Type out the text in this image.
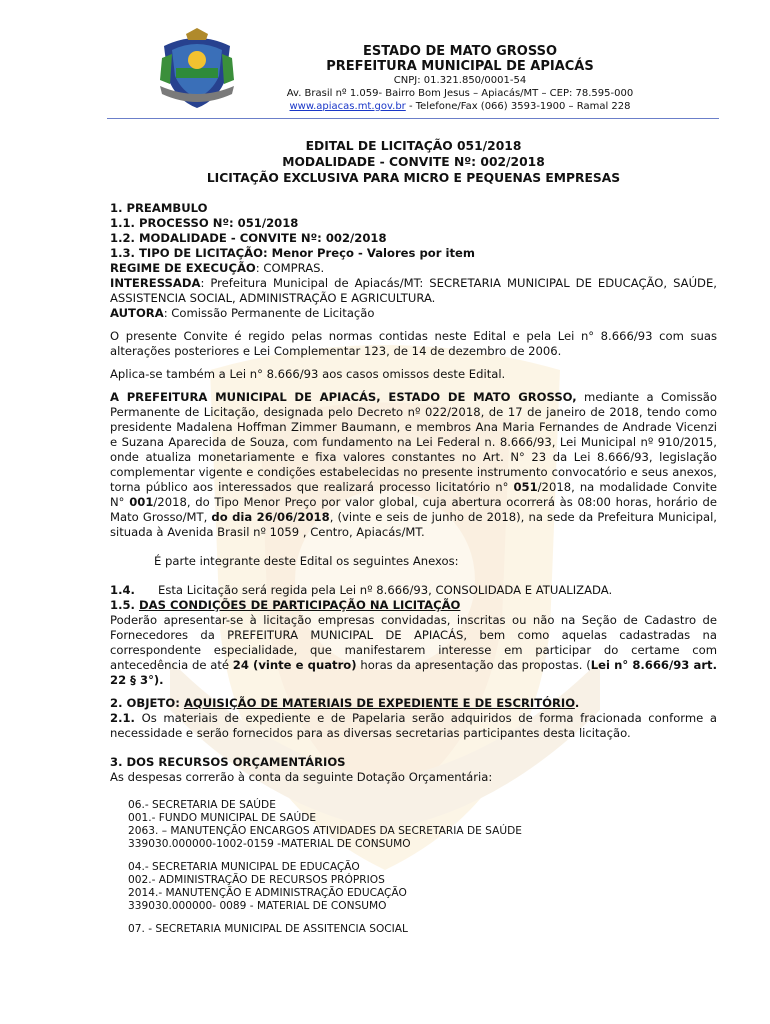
ESTADO DE MATO GROSSO
PREFEITURA MUNICIPAL DE APIACÁS
CNPJ: 01.321.850/0001-54
Av. Brasil nº 1.059- Bairro Bom Jesus – Apiacás/MT – CEP: 78.595-000
www.apiacas.mt.gov.br - Telefone/Fax (066) 3593-1900 – Ramal 228
EDITAL DE LICITAÇÃO 051/2018
MODALIDADE - CONVITE Nº: 002/2018
LICITAÇÃO EXCLUSIVA PARA MICRO E PEQUENAS EMPRESAS
1. PREAMBULO
1.1. PROCESSO Nº: 051/2018
1.2. MODALIDADE - CONVITE Nº: 002/2018
1.3. TIPO DE LICITAÇÃO: Menor Preço - Valores por item
REGIME DE EXECUÇÃO: COMPRAS.
INTERESSADA: Prefeitura Municipal de Apiacás/MT: SECRETARIA MUNICIPAL DE EDUCAÇÃO, SAÚDE, ASSISTENCIA SOCIAL, ADMINISTRAÇÃO E AGRICULTURA.
AUTORA: Comissão Permanente de Licitação
O presente Convite é regido pelas normas contidas neste Edital e pela Lei n° 8.666/93 com suas alterações posteriores e Lei Complementar 123, de 14 de dezembro de 2006.
Aplica-se também a Lei n° 8.666/93 aos casos omissos deste Edital.
A PREFEITURA MUNICIPAL DE APIACÁS, ESTADO DE MATO GROSSO, mediante a Comissão Permanente de Licitação, designada pelo Decreto nº 022/2018, de 17 de janeiro de 2018, tendo como presidente Madalena Hoffman Zimmer Baumann, e membros Ana Maria Fernandes de Andrade Vicenzi e Suzana Aparecida de Souza, com fundamento na Lei Federal n. 8.666/93, Lei Municipal nº 910/2015, onde atualiza monetariamente e fixa valores constantes no Art. N° 23 da Lei 8.666/93, legislação complementar vigente e condições estabelecidas no presente instrumento convocatório e seus anexos, torna público aos interessados que realizará processo licitatório n° 051/2018, na modalidade Convite N° 001/2018, do Tipo Menor Preço por valor global, cuja abertura ocorrerá às 08:00 horas, horário de Mato Grosso/MT, do dia 26/06/2018, (vinte e seis de junho de 2018), na sede da Prefeitura Municipal, situada à Avenida Brasil nº 1059 , Centro, Apiacás/MT.
É parte integrante deste Edital os seguintes Anexos:
1.4.	Esta Licitação será regida pela Lei nº 8.666/93, CONSOLIDADA E ATUALIZADA.
1.5. DAS CONDIÇÕES DE PARTICIPAÇÃO NA LICITAÇÃO
Poderão apresentar-se à licitação empresas convidadas, inscritas ou não na Seção de Cadastro de Fornecedores da PREFEITURA MUNICIPAL DE APIACÁS, bem como aquelas cadastradas na correspondente especialidade, que manifestarem interesse em participar do certame com antecedência de até 24 (vinte e quatro) horas da apresentação das propostas. (Lei n° 8.666/93 art. 22 § 3°).
2. OBJETO: AQUISIÇÃO DE MATERIAIS DE EXPEDIENTE E DE ESCRITÓRIO.
2.1. Os materiais de expediente e de Papelaria serão adquiridos de forma fracionada conforme a necessidade e serão fornecidos para as diversas secretarias participantes desta licitação.
3. DOS RECURSOS ORÇAMENTÁRIOS
As despesas correrão à conta da seguinte Dotação Orçamentária:
06.- SECRETARIA DE SAÚDE
001.- FUNDO MUNICIPAL DE SAÚDE
2063. – MANUTENÇÃO ENCARGOS ATIVIDADES DA SECRETARIA DE SAÚDE
339030.000000-1002-0159 -MATERIAL DE CONSUMO
04.- SECRETARIA MUNICIPAL DE EDUCAÇÃO
002.- ADMINISTRAÇÃO DE RECURSOS PRÓPRIOS
2014.- MANUTENÇÃO E ADMINISTRAÇÃO EDUCAÇÃO
339030.000000- 0089 - MATERIAL DE CONSUMO
07. - SECRETARIA MUNICIPAL DE ASSITENCIA SOCIAL
